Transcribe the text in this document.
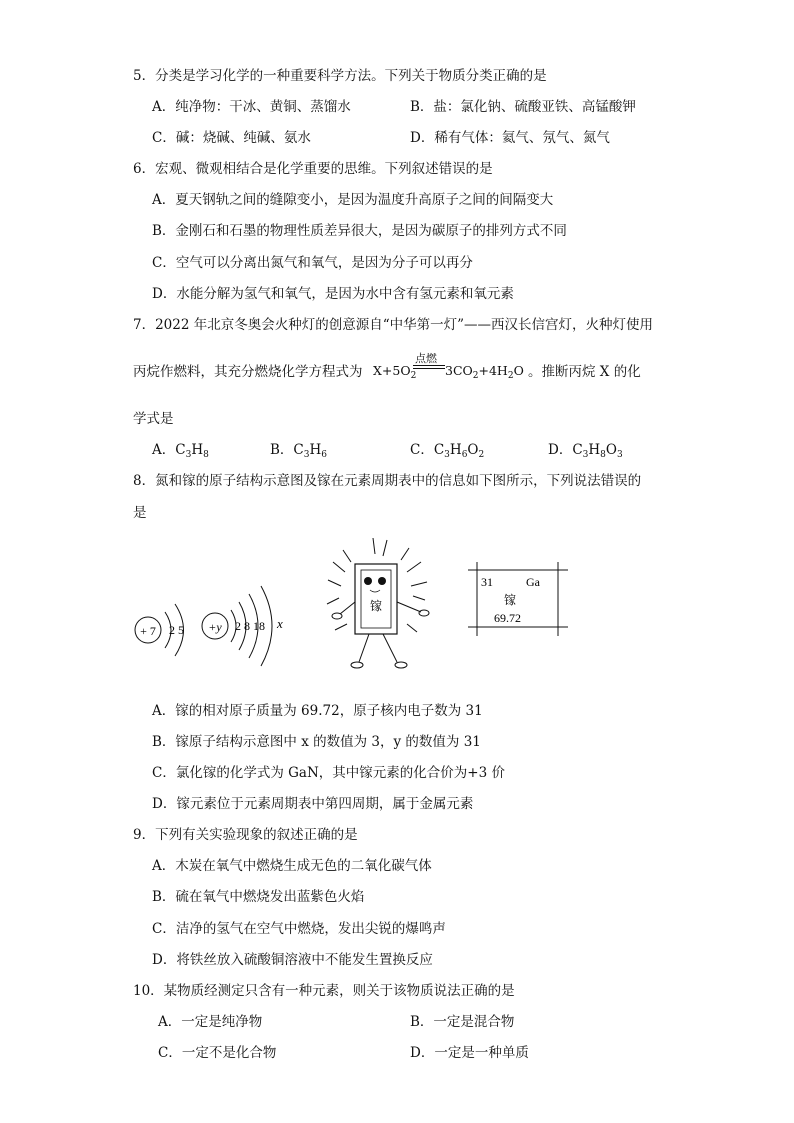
5．分类是学习化学的一种重要科学方法。下列关于物质分类正确的是
A．纯净物：干冰、黄铜、蒸馏水	B．盐：氯化钠、硫酸亚铁、高锰酸钾
C．碱：烧碱、纯碱、氨水	D．稀有气体：氦气、氖气、氮气
6．宏观、微观相结合是化学重要的思维。下列叙述错误的是
A．夏天钢轨之间的缝隙变小，是因为温度升高原子之间的间隔变大
B．金刚石和石墨的物理性质差异很大，是因为碳原子的排列方式不同
C．空气可以分离出氮气和氧气，是因为分子可以再分
D．水能分解为氢气和氧气，是因为水中含有氢元素和氧元素
7．2022 年北京冬奥会火种灯的创意源自“中华第一灯”——西汉长信宫灯，火种灯使用
丙烷作燃料，其充分燃烧化学方程式为 $X+5O_2$
点燃
$3CO_2+4H_2O$ 。推断丙烷 X 的化
学式是
A．$C_3H_8$	B．$C_3H_6$	C．$C_3H_6O_2$	D．$C_3H_8O_3$
8．氮和镓的原子结构示意图及镓在元素周期表中的信息如下图所示，下列说法错误的
是
+ 7 2 5 +y 2 8 18 x
镓
31	Ga
镓
69.72
A．镓的相对原子质量为 69.72，原子核内电子数为 31
B．镓原子结构示意图中 x 的数值为 3，y 的数值为 31
C．氯化镓的化学式为 GaN，其中镓元素的化合价为+3 价
D．镓元素位于元素周期表中第四周期，属于金属元素
9．下列有关实验现象的叙述正确的是
A．木炭在氧气中燃烧生成无色的二氧化碳气体
B．硫在氧气中燃烧发出蓝紫色火焰
C．洁净的氢气在空气中燃烧，发出尖锐的爆鸣声
D．将铁丝放入硫酸铜溶液中不能发生置换反应
10．某物质经测定只含有一种元素，则关于该物质说法正确的是
A．一定是纯净物	B．一定是混合物
C．一定不是化合物	D．一定是一种单质
